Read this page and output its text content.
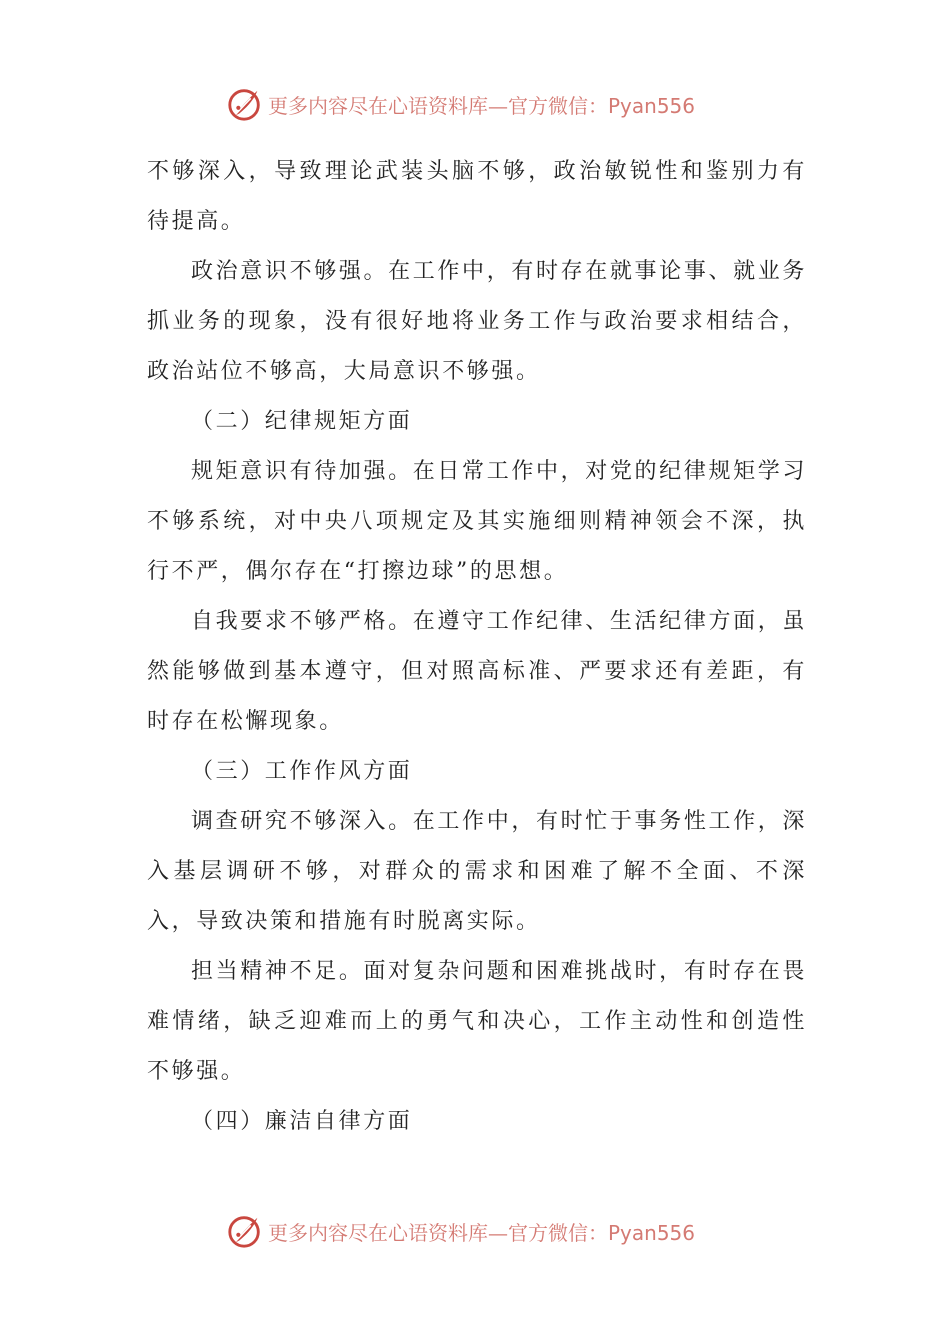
更多内容尽在心语资料库—官方微信：Pyan556

不够深入，导致理论武装头脑不够，政治敏锐性和鉴别力有待提高。

政治意识不够强。在工作中，有时存在就事论事、就业务抓业务的现象，没有很好地将业务工作与政治要求相结合，政治站位不够高，大局意识不够强。

（二）纪律规矩方面

规矩意识有待加强。在日常工作中，对党的纪律规矩学习不够系统，对中央八项规定及其实施细则精神领会不深，执行不严，偶尔存在“打擦边球”的思想。

自我要求不够严格。在遵守工作纪律、生活纪律方面，虽然能够做到基本遵守，但对照高标准、严要求还有差距，有时存在松懈现象。

（三）工作作风方面

调查研究不够深入。在工作中，有时忙于事务性工作，深入基层调研不够，对群众的需求和困难了解不全面、不深入，导致决策和措施有时脱离实际。

担当精神不足。面对复杂问题和困难挑战时，有时存在畏难情绪，缺乏迎难而上的勇气和决心，工作主动性和创造性不够强。

（四）廉洁自律方面

更多内容尽在心语资料库—官方微信：Pyan556
